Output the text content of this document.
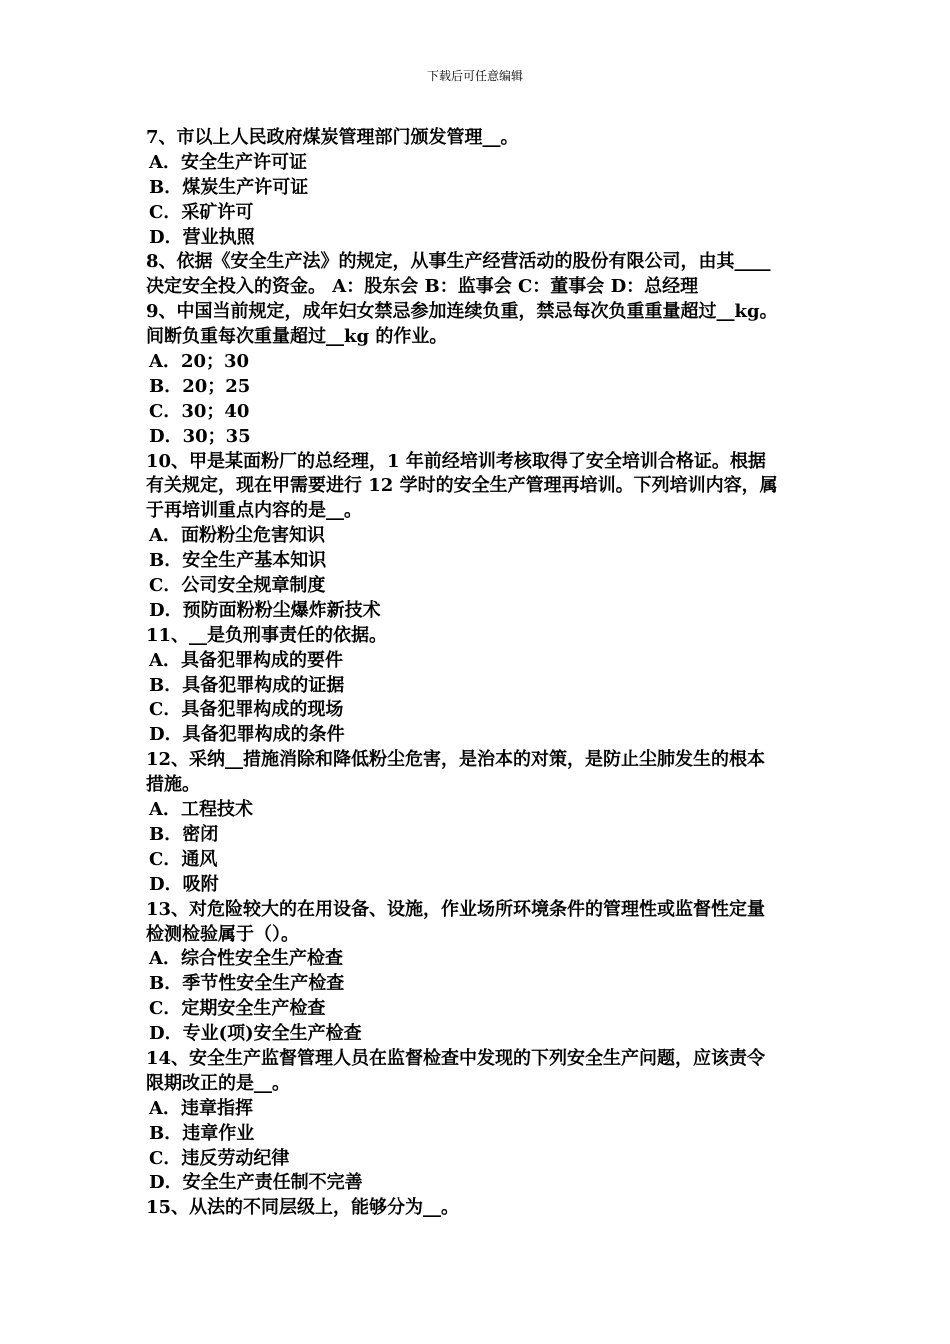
下载后可任意编辑

7、市以上人民政府煤炭管理部门颁发管理__。

A．安全生产许可证

B．煤炭生产许可证

C．采矿许可

D．营业执照

8、依据《安全生产法》的规定，从事生产经营活动的股份有限公司，由其____

决定安全投入的资金。 A：股东会 B：监事会 C：董事会 D：总经理

9、中国当前规定，成年妇女禁忌参加连续负重，禁忌每次负重重量超过__kg。

间断负重每次重量超过__kg 的作业。

A．20；30

B．20；25

C．30；40

D．30；35

10、甲是某面粉厂的总经理，1 年前经培训考核取得了安全培训合格证。根据

有关规定，现在甲需要进行 12 学时的安全生产管理再培训。下列培训内容，属

于再培训重点内容的是__。

A．面粉粉尘危害知识

B．安全生产基本知识

C．公司安全规章制度

D．预防面粉粉尘爆炸新技术

11、__是负刑事责任的依据。

A．具备犯罪构成的要件

B．具备犯罪构成的证据

C．具备犯罪构成的现场

D．具备犯罪构成的条件

12、采纳__措施消除和降低粉尘危害，是治本的对策，是防止尘肺发生的根本

措施。

A．工程技术

B．密闭

C．通风

D．吸附

13、对危险较大的在用设备、设施，作业场所环境条件的管理性或监督性定量

检测检验属于（）。

A．综合性安全生产检查

B．季节性安全生产检查

C．定期安全生产检查

D．专业(项)安全生产检查

14、安全生产监督管理人员在监督检查中发现的下列安全生产问题，应该责令

限期改正的是__。

A．违章指挥

B．违章作业

C．违反劳动纪律

D．安全生产责任制不完善

15、从法的不同层级上，能够分为__。
